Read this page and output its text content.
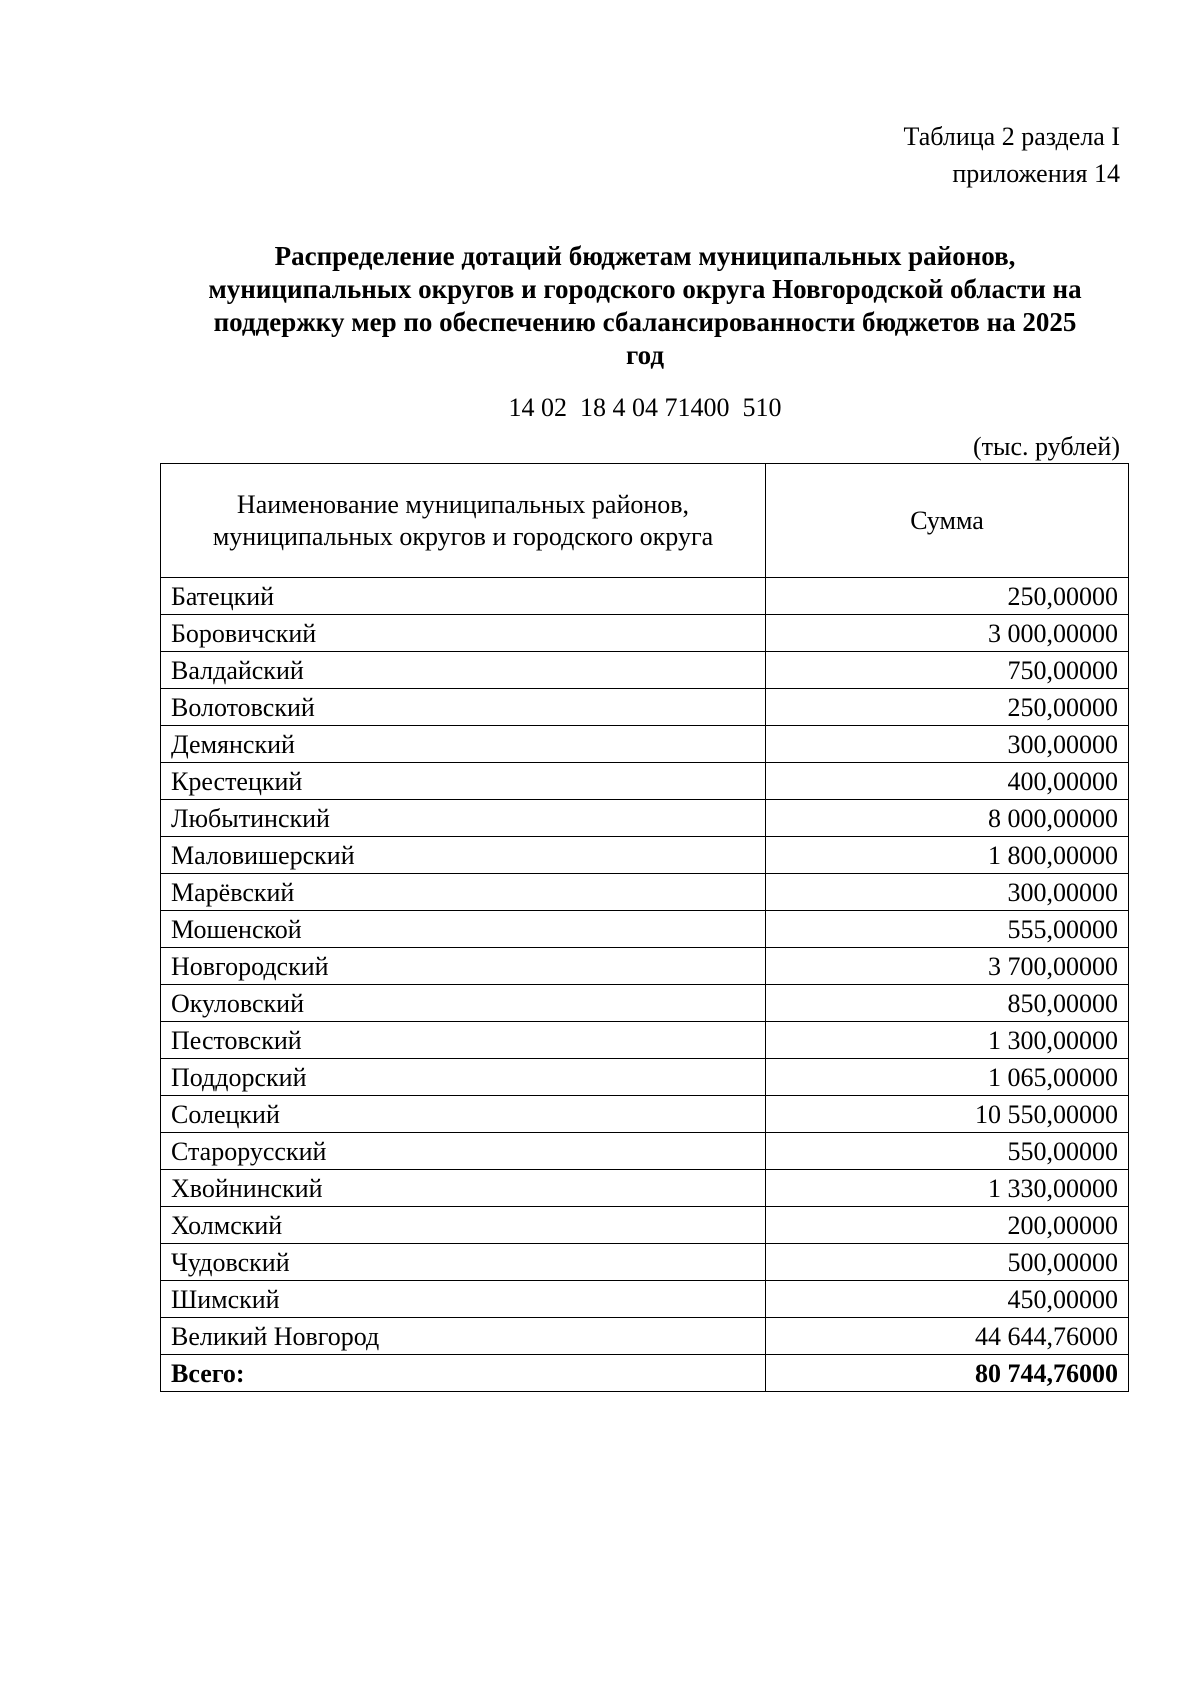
Таблица 2 раздела I
приложения 14
Распределение дотаций бюджетам муниципальных районов,
муниципальных округов и городского округа Новгородской области на
поддержку мер по обеспечению сбалансированности бюджетов на 2025
год
14 02  18 4 04 71400  510
(тыс. рублей)
Наименование муниципальных районов,
муниципальных округов и городского округа	Сумма
Батецкий	250,00000
Боровичский	3 000,00000
Валдайский	750,00000
Волотовский	250,00000
Демянский	300,00000
Крестецкий	400,00000
Любытинский	8 000,00000
Маловишерский	1 800,00000
Марёвский	300,00000
Мошенской	555,00000
Новгородский	3 700,00000
Окуловский	850,00000
Пестовский	1 300,00000
Поддорский	1 065,00000
Солецкий	10 550,00000
Старорусский	550,00000
Хвойнинский	1 330,00000
Холмский	200,00000
Чудовский	500,00000
Шимский	450,00000
Великий Новгород	44 644,76000
Всего:	80 744,76000
